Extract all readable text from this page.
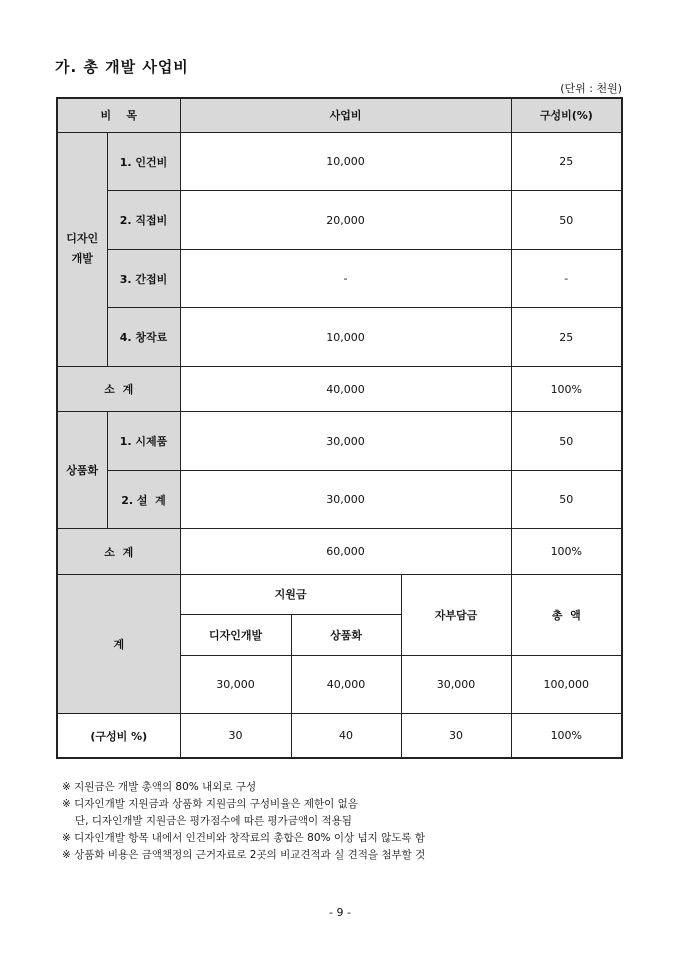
가. 총 개발 사업비
(단위 : 천원)
비    목		사업비			구성비(%)
디자인
개발	1. 인건비	10,000			25
	2. 직접비	20,000			50
	3. 간접비	-			-
	4. 창작료	10,000			25
소  계		40,000			100%
상품화	1. 시제품	30,000			50
	2. 설  계	30,000			50
소  계		60,000			100%
계		지원금		자부담금	총  액
		디자인개발	상품화		
		30,000	40,000	30,000	100,000
(구성비 %)		30	40	30	100%
※ 지원금은 개발 총액의 80% 내외로 구성
※ 디자인개발 지원금과 상품화 지원금의 구성비율은 제한이 없음
단, 디자인개발 지원금은 평가점수에 따른 평가금액이 적용됨
※ 디자인개발 항목 내에서 인건비와 창작료의 총합은 80% 이상 넘지 않도록 함
※ 상품화 비용은 금액책정의 근거자료로 2곳의 비교견적과 실 견적을 첨부할 것
- 9 -
